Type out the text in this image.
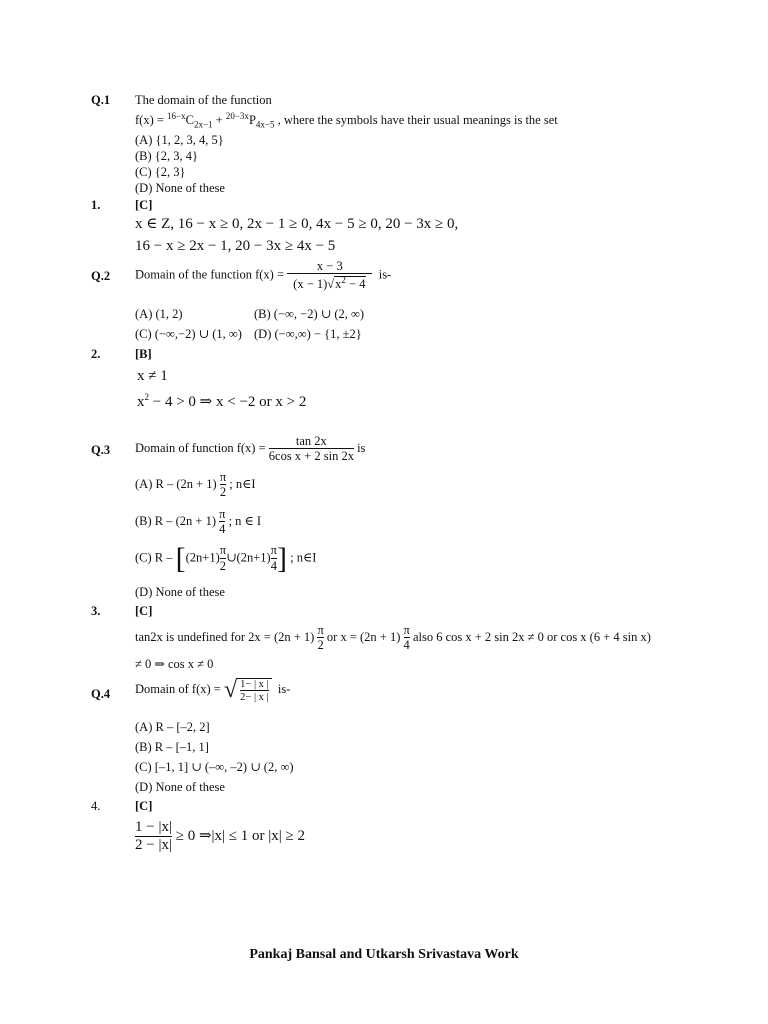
Q.1 The domain of the function
$f(x) = ^{16-x}C_{2x-1} + ^{20-3x}P_{4x-5}$ , where the symbols have their usual meanings is the set
(A) {1, 2, 3, 4, 5}
(B) {2, 3, 4}
(C) {2, 3}
(D) None of these
1.	[C]
x ∈ Z, 16 − x ≥ 0, 2x − 1 ≥ 0, 4x − 5 ≥ 0, 20 − 3x ≥ 0,
16 − x ≥ 2x − 1, 20 − 3x ≥ 4x − 5
Q.2 Domain of the function $f(x) = \frac{x - 3}{(x - 1)√x^2 - 4} is-$
(A) (1, 2)	(B) (−∞, −2) ∪ (2, ∞)
(C) (−∞,−2) ∪ (1, ∞) (D) (−∞,∞) − {1, ±2}
2.	[B]
x ≠ 1
$x^2 - 4 > 0$ ⇒ x < −2 or x > 2
Q.3 Domain of function $f(x) = \frac{\tan 2x}{\text{6cos x + 2 sin 2x}}$ is
(A) $R - (2n + 1) \frac{\pi}{2}$ ; n∈I
(B) $R - (2n + 1) \frac{\pi}{4}$ ; n ∈ I
(C) $R - [(2n+1) \frac{\pi}{2}$ ∪(2n+1) $\frac{\pi}{4}$ ] ; n∈I
(D) None of these
3.	[C]
tan2x is undefined for $2x = (2n + 1) \frac{\pi}{2}$ or $x = (2n + 1) \frac{\pi}{4}$ also 6 cos x + 2 sin 2x ≠ 0 or cos x (6 + 4 sin x)
≠ 0 ⇒ cos x ≠ 0
Q.4 Domain of f(x) = √ $\frac{1- | x |}{2- | x |} is-$
(A) R – [–2, 2]
(B) R – [–1, 1]
(C) [–1, 1] ∪ (–∞, –2) ∪ (2, ∞)
(D) None of these
4.	[C]
$\frac{1 - |x|}{2 - |x|} \ge 0$ ⇒|x| ≤ 1 or |x| ≥ 2
Pankaj Bansal and Utkarsh Srivastava Work
